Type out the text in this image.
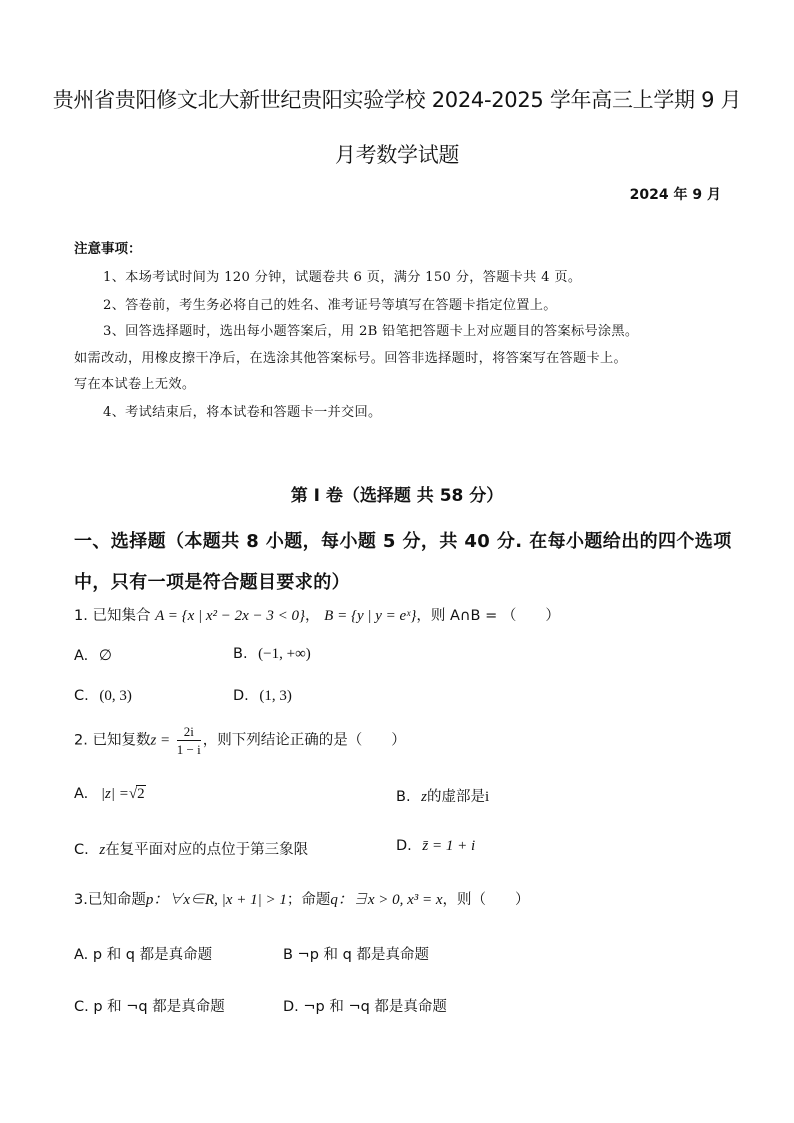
贵州省贵阳修文北大新世纪贵阳实验学校 2024-2025 学年高三上学期 9 月
月考数学试题
2024 年 9 月
注意事项：
1、本场考试时间为 120 分钟，试题卷共 6 页，满分 150 分，答题卡共 4 页。
2、答卷前，考生务必将自己的姓名、准考证号等填写在答题卡指定位置上。
3、回答选择题时，选出每小题答案后，用 2B 铅笔把答题卡上对应题目的答案标号涂黑。
如需改动，用橡皮擦干净后，在选涂其他答案标号。回答非选择题时，将答案写在答题卡上。
写在本试卷上无效。
4、考试结束后，将本试卷和答题卡一并交回。
第 I 卷（选择题 共 58 分）
一、选择题（本题共 8 小题，每小题 5 分，共 40 分. 在每小题给出的四个选项
中，只有一项是符合题目要求的）
1. 已知集合 A = {x | x² − 2x − 3 < 0}， B = {y | y = eˣ}，则 A∩B = （　　）
A. ∅	B. (−1, +∞)
C. (0, 3)	D. (1, 3)
2. 已知复数$z = \frac{2i}{1 - i}$ ，则下列结论正确的是（　　）
A. |z| =√2	B. z的虚部是i
C. z在复平面对应的点位于第三象限	D. z̄ = 1 + i
3.已知命题p：∀x∈R, |x + 1| > 1；命题q：∃x > 0, x³ = x，则（　　）
A. p 和 q 都是真命题	B ¬p 和 q 都是真命题
C. p 和 ¬q 都是真命题	D. ¬p 和 ¬q 都是真命题
